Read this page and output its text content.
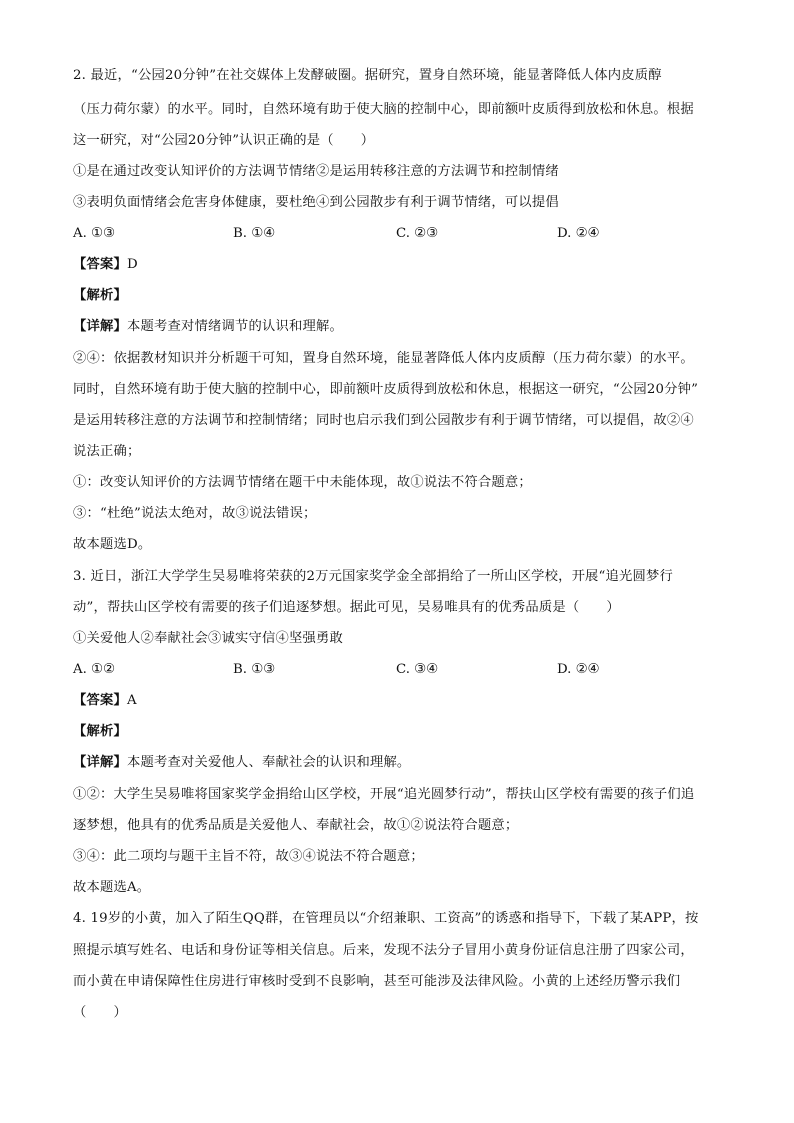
2. 最近，“公园20分钟”在社交媒体上发酵破圈。据研究，置身自然环境，能显著降低人体内皮质醇
（压力荷尔蒙）的水平。同时，自然环境有助于使大脑的控制中心，即前额叶皮质得到放松和休息。根据
这一研究，对“公园20分钟”认识正确的是（　　）
①是在通过改变认知评价的方法调节情绪②是运用转移注意的方法调节和控制情绪
③表明负面情绪会危害身体健康，要杜绝④到公园散步有利于调节情绪，可以提倡
A. ①③	B. ①④	C. ②③	D. ②④
【答案】D
【解析】
【详解】本题考查对情绪调节的认识和理解。
②④：依据教材知识并分析题干可知，置身自然环境，能显著降低人体内皮质醇（压力荷尔蒙）的水平。
同时，自然环境有助于使大脑的控制中心，即前额叶皮质得到放松和休息，根据这一研究，“公园20分钟”
是运用转移注意的方法调节和控制情绪；同时也启示我们到公园散步有利于调节情绪，可以提倡，故②④
说法正确；
①：改变认知评价的方法调节情绪在题干中未能体现，故①说法不符合题意；
③：“杜绝”说法太绝对，故③说法错误；
故本题选D。
3. 近日，浙江大学学生吴易唯将荣获的2万元国家奖学金全部捐给了一所山区学校，开展“追光圆梦行
动”，帮扶山区学校有需要的孩子们追逐梦想。据此可见，吴易唯具有的优秀品质是（　　）
①关爱他人②奉献社会③诚实守信④坚强勇敢
A. ①②	B. ①③	C. ③④	D. ②④
【答案】A
【解析】
【详解】本题考查对关爱他人、奉献社会的认识和理解。
①②：大学生吴易唯将国家奖学金捐给山区学校，开展“追光圆梦行动”，帮扶山区学校有需要的孩子们追
逐梦想，他具有的优秀品质是关爱他人、奉献社会，故①②说法符合题意；
③④：此二项均与题干主旨不符，故③④说法不符合题意；
故本题选A。
4. 19岁的小黄，加入了陌生QQ群，在管理员以“介绍兼职、工资高”的诱惑和指导下，下载了某APP，按
照提示填写姓名、电话和身份证等相关信息。后来，发现不法分子冒用小黄身份证信息注册了四家公司，
而小黄在申请保障性住房进行审核时受到不良影响，甚至可能涉及法律风险。小黄的上述经历警示我们
（　　）
